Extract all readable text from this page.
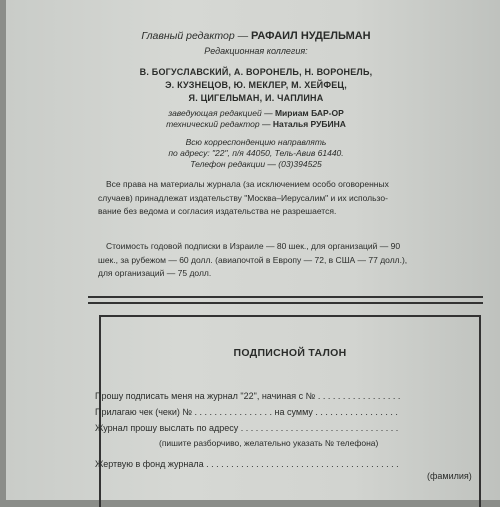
Главный редактор — РАФАИЛ НУДЕЛЬМАН
Редакционная коллегия:
В. БОГУСЛАВСКИЙ, А. ВОРОНЕЛЬ, Н. ВОРОНЕЛЬ,
Э. КУЗНЕЦОВ, Ю. МЕКЛЕР, М. ХЕЙФЕЦ,
Я. ЦИГЕЛЬМАН, И. ЧАПЛИНА
заведующая редакцией — Мириам БАР-ОР
технический редактор — Наталья РУБИНА
Всю корреспонденцию направлять
по адресу: "22", п/я 44050, Тель-Авив 61440.
Телефон редакции — (03)394525
Все права на материалы журнала (за исключением особо оговоренных
случаев) принадлежат издательству "Москва–Иерусалим" и их использо-
вание без ведома и согласия издательства не разрешается.
Стоимость годовой подписки в Израиле — 80 шек., для организаций — 90
шек., за рубежом — 60 долл. (авиапочтой в Европу — 72, в США — 77 долл.),
для организаций — 75 долл.
ПОДПИСНОЙ ТАЛОН
Прошу подписать меня на журнал "22", начиная с № . . . . . . . . . . . . . . . . .
Прилагаю чек (чеки) № . . . . . . . . . . . . . . . . на сумму . . . . . . . . . . . . . . . . .
Журнал прошу выслать по адресу . . . . . . . . . . . . . . . . . . . . . . . . . . . . . . . .
(пишите разборчиво, желательно указать № телефона)
Жертвую в фонд журнала . . . . . . . . . . . . . . . . . . . . . . . . . . . . . . . . . . . . . . .
(фамилия)
